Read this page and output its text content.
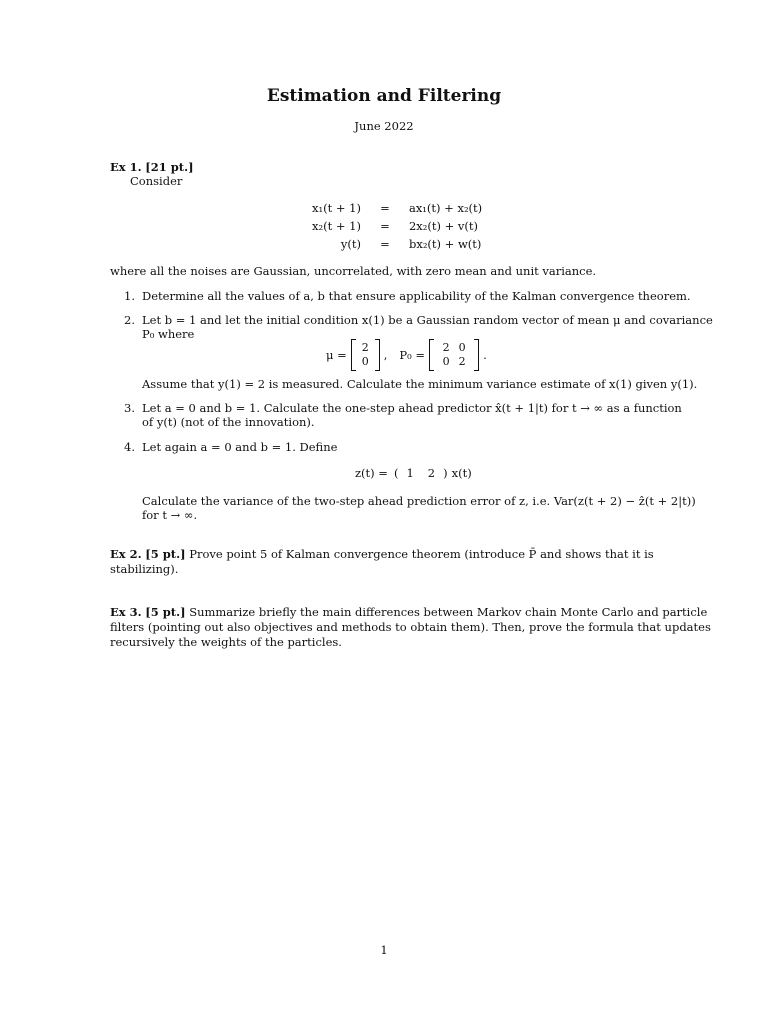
Estimation and Filtering
June 2022
Ex 1. [21 pt.]
Consider
x₁(t + 1)	=	ax₁(t) + x₂(t)
x₂(t + 1)	=	2x₂(t) + v(t)
y(t)	=	bx₂(t) + w(t)
where all the noises are Gaussian, uncorrelated, with zero mean and unit variance.
1. Determine all the values of a, b that ensure applicability of the Kalman convergence theorem.
2. Let b = 1 and let the initial condition x(1) be a Gaussian random vector of mean μ and covariance
P₀ where
μ =
2
0 , P₀ =
2 0
0 2	.
Assume that y(1) = 2 is measured. Calculate the minimum variance estimate of x(1) given y(1).
3. Let a = 0 and b = 1. Calculate the one-step ahead predictor x̂(t + 1|t) for t → ∞ as a function
of y(t) (not of the innovation).
4. Let again a = 0 and b = 1. Define
z(t) = ( 1 2 ) x(t)
Calculate the variance of the two-step ahead prediction error of z, i.e. Var(z(t + 2) − ẑ(t + 2|t))
for t → ∞.
Ex 2. [5 pt.] Prove point 5 of Kalman convergence theorem (introduce P̄ and shows that it is
stabilizing).
Ex 3. [5 pt.] Summarize briefly the main differences between Markov chain Monte Carlo and particle
filters (pointing out also objectives and methods to obtain them). Then, prove the formula that updates
recursively the weights of the particles.
1
